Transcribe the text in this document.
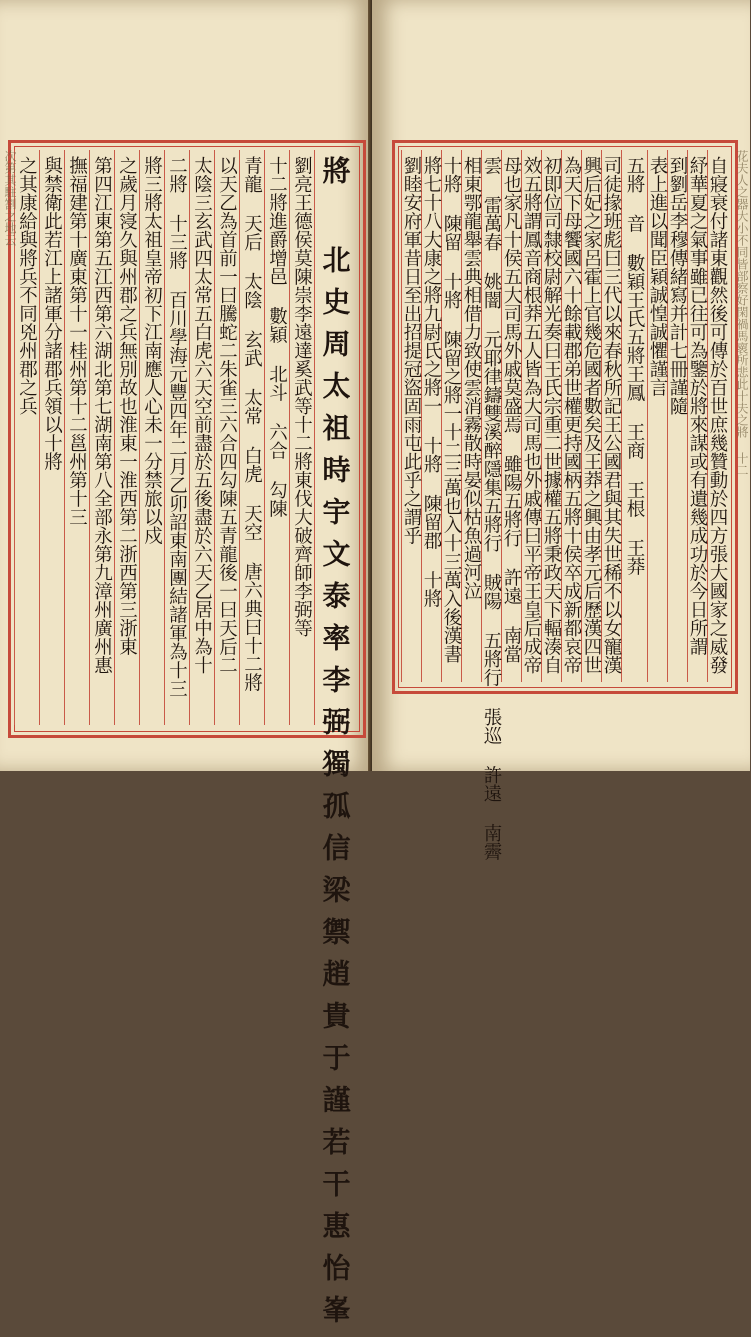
將 北史周太祖時宇文泰率李弼獨孤信梁禦趙貴于謹若干惠怡峯
劉亮王德侯莫陳崇李遠達奚武等十二將東伐大破齊師李弼等
十二將進爵增邑 數穎 北斗 六合 勾陳
青龍 天后 太陰 玄武 太常 白虎 天空 唐六典曰十二將
以天乙為首前一曰騰蛇二朱雀三六合四勾陳五青龍後一曰天后二
太陰三玄武四太常五白虎六天空前盡於五後盡於六天乙居中為十
二將 十三將 百川學海元豐四年二月乙卯詔東南團結諸軍為十三
將三將太祖皇帝初下江南應人心未一分禁旅以戍
之歲月寖久與州郡之兵無別故也淮東一淮西第二浙西第三浙東
第四江東第五江西第六湖北第七湖南第八全部永第九漳州廣州惠
撫福建第十廣東第十一桂州第十二邕州第十三
與禁衛此若江上諸軍分諸郡兵領以十將
之其康給與將兵不同兇州郡之兵
次第其駐劄之地云	自寢衰付諸東觀然後可傳於百世庶幾贊動於四方張大國家之威發
紓華夏之氣事雖已往可為鑒於將來謀或有遺幾成功於今日所謂
到劉岳李穆傳緒寫并計七冊謹隨
表上進以聞臣穎誠惶誠懼謹言
五將 音 數穎王氏五將王鳳 王商 王根 王莽
司徒掾班彪曰三代以來春秋所記王公國君與其失世稀不以女寵漢
興后妃之家呂霍上官幾危國者數矣及王莽之興由孝元后歷漢四世
為天下母饗國六十餘載郡弟世權更持國柄五將十侯卒成新都哀帝
初即位司隸校尉解光奏曰王氏宗重二世據權五將秉政天下輻湊自
效五將謂鳳音商根莽五人皆為大司馬也外戚傳曰平帝王皇后成帝
母也家凡十侯五大司馬外戚莫盛焉 雖陽五將行 許遠 南當
雲 雷萬春 姚闇 元耶律鑄雙溪醉隱集五將行 賊陽 五將行 張巡 許遠 南霽
相東鄂龍舉雲典相借力致使雲消霧散時晏似枯魚過河泣
十將 陳留 十將 陳留之將一十二三萬也入十三萬入後漢書
將七十八大康之將九尉氏之將一 十將 陳留郡 十將
劉睦安府軍昔日至出招提冠盜固雨屯此乎之謂乎	花夫人之器大小不同皆部察好閑禍馬褱所悲此十夫之將 十二
